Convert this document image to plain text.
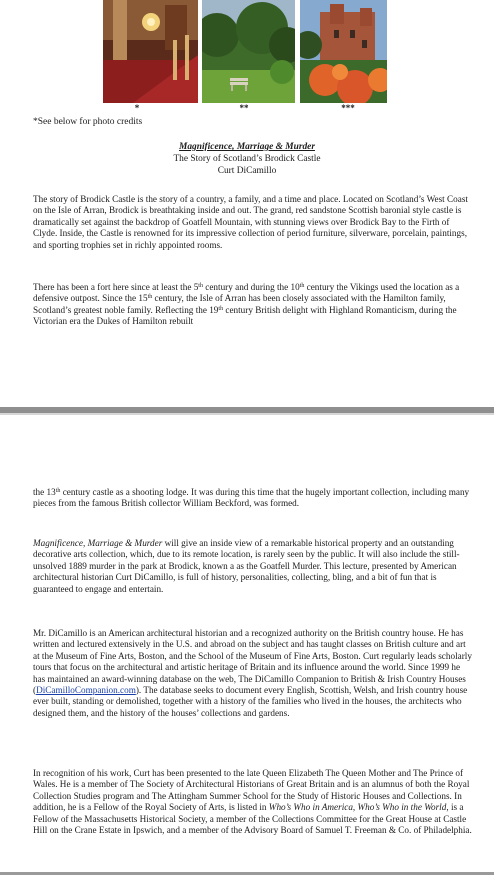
*	**	***
*See below for photo credits
Magnificence, Marriage & Murder
The Story of Scotland’s Brodick Castle
Curt DiCamillo

The story of Brodick Castle is the story of a country, a family, and a time and place. Located on Scotland’s West Coast on the Isle of Arran, Brodick is breathtaking inside and out. The grand, red sandstone Scottish baronial style castle is dramatically set against the backdrop of Goatfell Mountain, with stunning views over Brodick Bay to the Firth of Clyde. Inside, the Castle is renowned for its impressive collection of period furniture, silverware, porcelain, paintings, and sporting trophies set in richly appointed rooms.

There has been a fort here since at least the 5th century and during the 10th century the Vikings used the location as a defensive outpost. Since the 15th century, the Isle of Arran has been closely associated with the Hamilton family, Scotland’s greatest noble family. Reflecting the 19th century British delight with Highland Romanticism, during the Victorian era the Dukes of Hamilton rebuilt

the 13th century castle as a shooting lodge. It was during this time that the hugely important collection, including many pieces from the famous British collector William Beckford, was formed.

Magnificence, Marriage & Murder will give an inside view of a remarkable historical property and an outstanding decorative arts collection, which, due to its remote location, is rarely seen by the public. It will also include the still-unsolved 1889 murder in the park at Brodick, known a as the Goatfell Murder. This lecture, presented by American architectural historian Curt DiCamillo, is full of history, personalities, collecting, bling, and a bit of fun that is guaranteed to engage and entertain.

Mr. DiCamillo is an American architectural historian and a recognized authority on the British country house. He has written and lectured extensively in the U.S. and abroad on the subject and has taught classes on British culture and art at the Museum of Fine Arts, Boston, and the School of the Museum of Fine Arts, Boston. Curt regularly leads scholarly tours that focus on the architectural and artistic heritage of Britain and its influence around the world. Since 1999 he has maintained an award-winning database on the web, The DiCamillo Companion to British & Irish Country Houses (DiCamilloCompanion.com). The database seeks to document every English, Scottish, Welsh, and Irish country house ever built, standing or demolished, together with a history of the families who lived in the houses, the architects who designed them, and the history of the houses’ collections and gardens.

In recognition of his work, Curt has been presented to the late Queen Elizabeth The Queen Mother and The Prince of Wales. He is a member of The Society of Architectural Historians of Great Britain and is an alumnus of both the Royal Collection Studies program and The Attingham Summer School for the Study of Historic Houses and Collections. In addition, he is a Fellow of the Royal Society of Arts, is listed in Who’s Who in America, Who’s Who in the World, is a Fellow of the Massachusetts Historical Society, a member of the Collections Committee for the Great House at Castle Hill on the Crane Estate in Ipswich, and a member of the Advisory Board of Samuel T. Freeman & Co. of Philadelphia.
